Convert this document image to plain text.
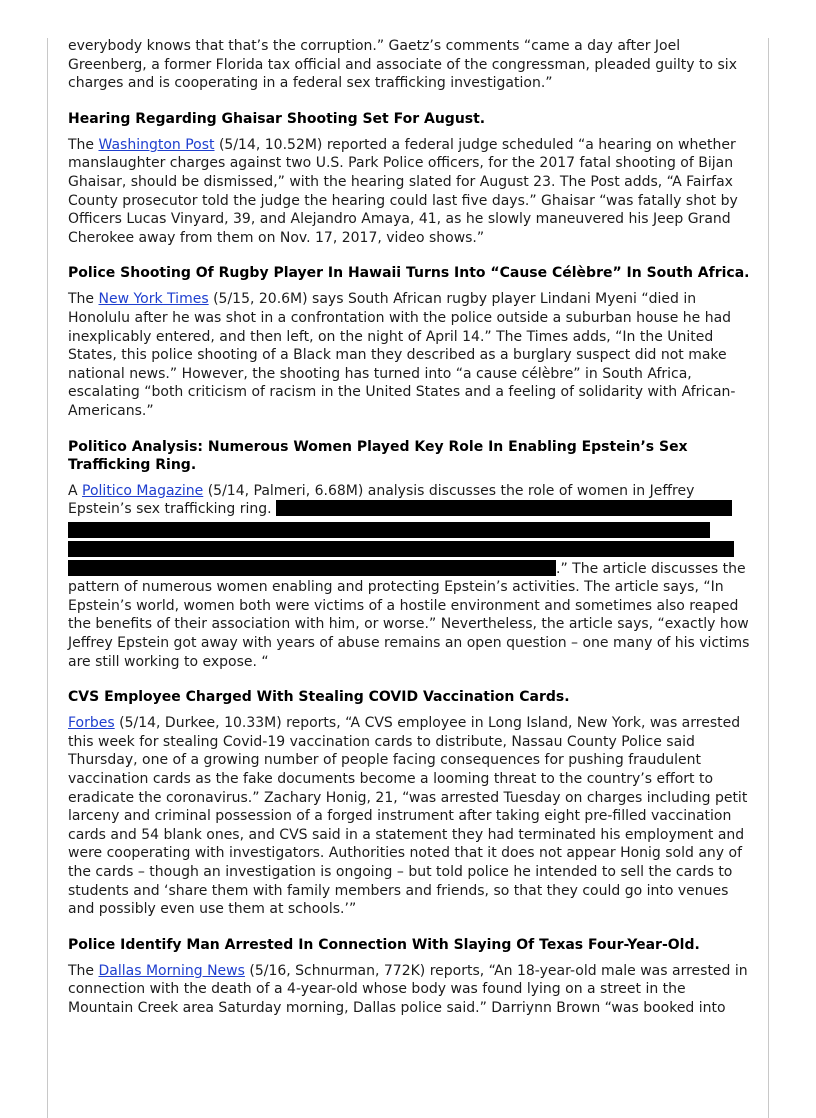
everybody knows that that’s the corruption.” Gaetz’s comments “came a day after Joel Greenberg, a former Florida tax official and associate of the congressman, pleaded guilty to six charges and is cooperating in a federal sex trafficking investigation.”

Hearing Regarding Ghaisar Shooting Set For August.

The Washington Post (5/14, 10.52M) reported a federal judge scheduled “a hearing on whether manslaughter charges against two U.S. Park Police officers, for the 2017 fatal shooting of Bijan Ghaisar, should be dismissed,” with the hearing slated for August 23. The Post adds, “A Fairfax County prosecutor told the judge the hearing could last five days.” Ghaisar “was fatally shot by Officers Lucas Vinyard, 39, and Alejandro Amaya, 41, as he slowly maneuvered his Jeep Grand Cherokee away from them on Nov. 17, 2017, video shows.”

Police Shooting Of Rugby Player In Hawaii Turns Into “Cause Célèbre” In South Africa.

The New York Times (5/15, 20.6M) says South African rugby player Lindani Myeni “died in Honolulu after he was shot in a confrontation with the police outside a suburban house he had inexplicably entered, and then left, on the night of April 14.” The Times adds, “In the United States, this police shooting of a Black man they described as a burglary suspect did not make national news.” However, the shooting has turned into “a cause célèbre” in South Africa, escalating “both criticism of racism in the United States and a feeling of solidarity with African-Americans.”

Politico Analysis: Numerous Women Played Key Role In Enabling Epstein’s Sex Trafficking Ring.

A Politico Magazine (5/14, Palmeri, 6.68M) analysis discusses the role of women in Jeffrey Epstein’s sex trafficking ring.
.” The article discusses the pattern of numerous women enabling and protecting Epstein’s activities. The article says, “In Epstein’s world, women both were victims of a hostile environment and sometimes also reaped the benefits of their association with him, or worse.” Nevertheless, the article says, “exactly how Jeffrey Epstein got away with years of abuse remains an open question – one many of his victims are still working to expose. “

CVS Employee Charged With Stealing COVID Vaccination Cards.

Forbes (5/14, Durkee, 10.33M) reports, “A CVS employee in Long Island, New York, was arrested this week for stealing Covid-19 vaccination cards to distribute, Nassau County Police said Thursday, one of a growing number of people facing consequences for pushing fraudulent vaccination cards as the fake documents become a looming threat to the country’s effort to eradicate the coronavirus.” Zachary Honig, 21, “was arrested Tuesday on charges including petit larceny and criminal possession of a forged instrument after taking eight pre-filled vaccination cards and 54 blank ones, and CVS said in a statement they had terminated his employment and were cooperating with investigators. Authorities noted that it does not appear Honig sold any of the cards – though an investigation is ongoing – but told police he intended to sell the cards to students and ‘share them with family members and friends, so that they could go into venues and possibly even use them at schools.’”

Police Identify Man Arrested In Connection With Slaying Of Texas Four-Year-Old.

The Dallas Morning News (5/16, Schnurman, 772K) reports, “An 18-year-old male was arrested in connection with the death of a 4-year-old whose body was found lying on a street in the Mountain Creek area Saturday morning, Dallas police said.” Darriynn Brown “was booked into
